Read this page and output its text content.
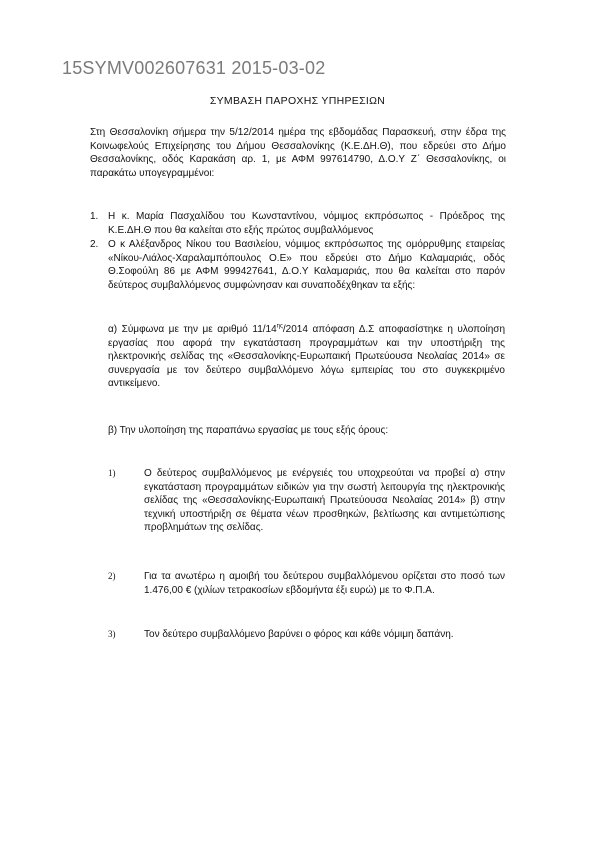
15SYMV002607631 2015-03-02
ΣΥΜΒΑΣΗ ΠΑΡΟΧΗΣ ΥΠΗΡΕΣΙΩΝ
Στη Θεσσαλονίκη σήμερα την 5/12/2014 ημέρα της εβδομάδας Παρασκευή, στην έδρα της Κοινωφελούς Επιχείρησης του Δήμου Θεσσαλονίκης (Κ.Ε.ΔΗ.Θ), που εδρεύει στο Δήμο Θεσσαλονίκης, οδός Καρακάση αρ. 1, με ΑΦΜ 997614790, Δ.Ο.Υ Ζ΄ Θεσσαλονίκης, οι παρακάτω υπογεγραμμένοι:
1. Η κ. Μαρία Πασχαλίδου του Κωνσταντίνου, νόμιμος εκπρόσωπος - Πρόεδρος της Κ.Ε.ΔΗ.Θ που θα καλείται στο εξής πρώτος συμβαλλόμενος
2. Ο κ Αλέξανδρος Νίκου του Βασιλείου, νόμιμος εκπρόσωπος της ομόρρυθμης εταιρείας «Νίκου-Λιάλος-Χαραλαμπόπουλος Ο.Ε» που εδρεύει στο Δήμο Καλαμαριάς, οδός Θ.Σοφούλη 86 με ΑΦΜ 999427641, Δ.Ο.Υ Καλαμαριάς, που θα καλείται στο παρόν δεύτερος συμβαλλόμενος συμφώνησαν και συναποδέχθηκαν τα εξής:
α) Σύμφωνα με την με αριθμό $11/14^{\eta\varsigma}/2014$ απόφαση Δ.Σ αποφασίστηκε η υλοποίηση εργασίας που αφορά την εγκατάσταση προγραμμάτων και την υποστήριξη της ηλεκτρονικής σελίδας της «Θεσσαλονίκης-Ευρωπαική Πρωτεύουσα Νεολαίας 2014» σε συνεργασία με τον δεύτερο συμβαλλόμενο λόγω εμπειρίας του στο συγκεκριμένο αντικείμενο.
β) Την υλοποίηση της παραπάνω εργασίας με τους εξής όρους:
1)	Ο δεύτερος συμβαλλόμενος με ενέργειές του υποχρεούται να προβεί α) στην εγκατάσταση προγραμμάτων ειδικών για την σωστή λειτουργία της ηλεκτρονικής σελίδας της «Θεσσαλονίκης-Ευρωπαική Πρωτεύουσα Νεολαίας 2014» β) στην τεχνική υποστήριξη σε θέματα νέων προσθηκών, βελτίωσης και αντιμετώπισης προβλημάτων της σελίδας.
2)	Για τα ανωτέρω η αμοιβή του δεύτερου συμβαλλόμενου ορίζεται στο ποσό των 1.476,00 € (χιλίων τετρακοσίων εβδομήντα έξι ευρώ) με το Φ.Π.Α.
3)	Τον δεύτερο συμβαλλόμενο βαρύνει ο φόρος και κάθε νόμιμη δαπάνη.
